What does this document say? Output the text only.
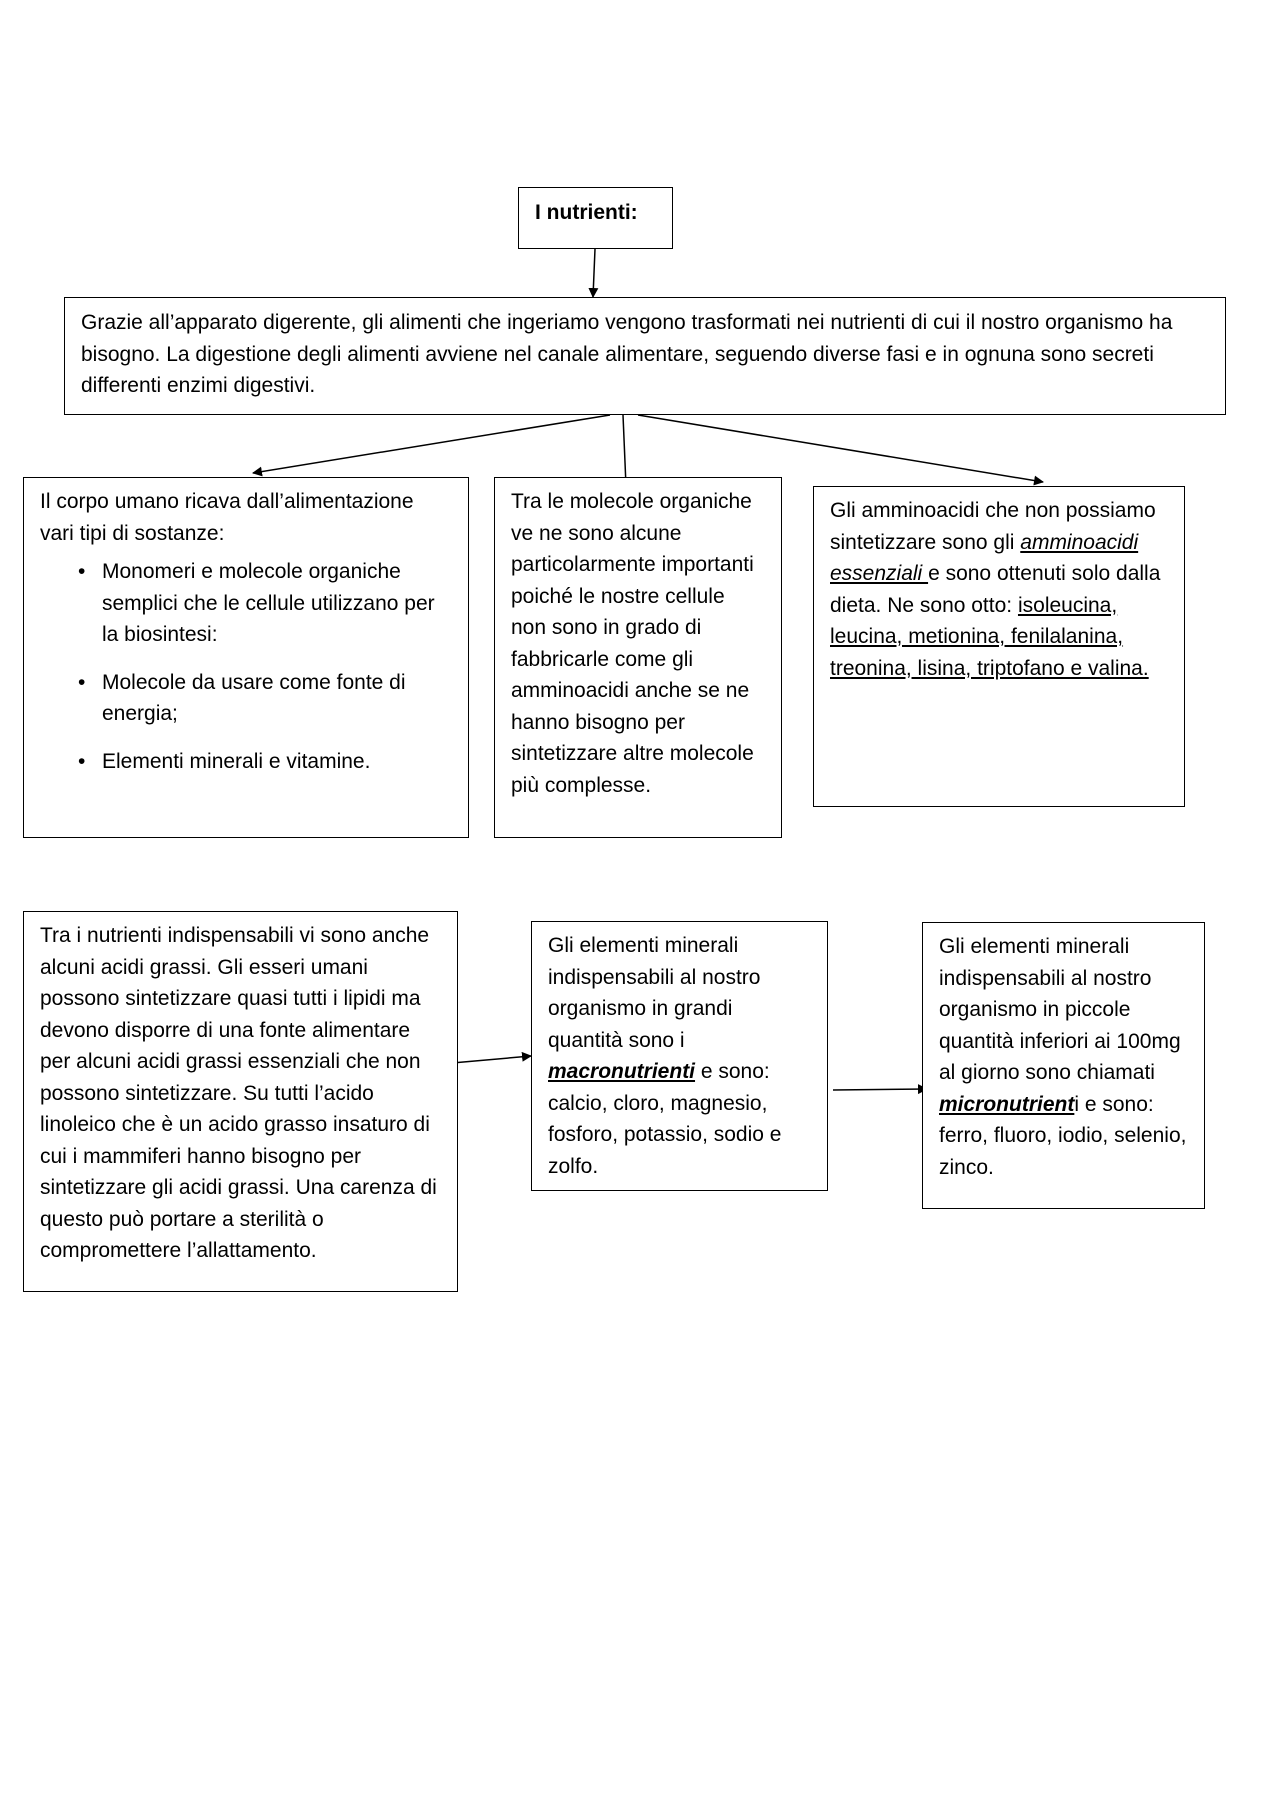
I nutrienti:

Grazie all’apparato digerente, gli alimenti che ingeriamo vengono trasformati nei nutrienti di cui il nostro organismo ha bisogno. La digestione degli alimenti avviene nel canale alimentare, seguendo diverse fasi e in ognuna sono secreti differenti enzimi digestivi.

Il corpo umano ricava dall’alimentazione vari tipi di sostanze:

• Monomeri e molecole organiche semplici che le cellule utilizzano per la biosintesi:
• Molecole da usare come fonte di energia;
• Elementi minerali e vitamine.

Tra le molecole organiche ve ne sono alcune particolarmente importanti poiché le nostre cellule non sono in grado di fabbricarle come gli amminoacidi anche se ne hanno bisogno per sintetizzare altre molecole più complesse.

Gli amminoacidi che non possiamo sintetizzare sono gli amminoacidi essenziali e sono ottenuti solo dalla dieta. Ne sono otto: isoleucina, leucina, metionina, fenilalanina, treonina, lisina, triptofano e valina.

Tra i nutrienti indispensabili vi sono anche alcuni acidi grassi. Gli esseri umani possono sintetizzare quasi tutti i lipidi ma devono disporre di una fonte alimentare per alcuni acidi grassi essenziali che non possono sintetizzare. Su tutti l’acido linoleico che è un acido grasso insaturo di cui i mammiferi hanno bisogno per sintetizzare gli acidi grassi. Una carenza di questo può portare a sterilità o compromettere l’allattamento.

Gli elementi minerali indispensabili al nostro organismo in grandi quantità sono i macronutrienti e sono: calcio, cloro, magnesio, fosforo, potassio, sodio e zolfo.

Gli elementi minerali indispensabili al nostro organismo in piccole quantità inferiori ai 100mg al giorno sono chiamati micronutrienti e sono: ferro, fluoro, iodio, selenio, zinco.
